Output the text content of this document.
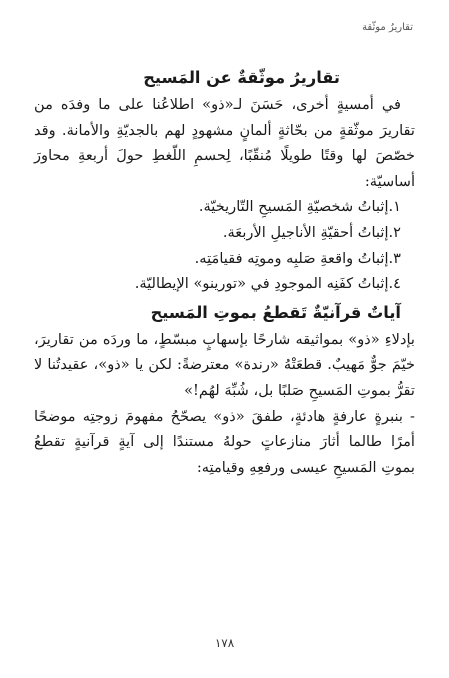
تقاريرُ موثّقة
تقاريرُ موثّقةٌ عن المَسيح

في أمسيةٍ أخرى، حَسَنَ لـ«ذو» اطلاعُنا على ما وفدَه من تقاريرَ موثّقةٍ من بحّاثةٍ ألمانٍ مشهودٍ لهم بالجديّةِ والأمانة. وقد خصّصَ لها وقتًا طويلًا مُنقّبًا، لِحسمِ اللّغطِ حولَ أربعةِ محاورَ أساسيّة:

١.إثباتُ شخصيّةِ المَسيحِ التّاريخيّة.
٢.إثباتُ أحقيّةِ الأناجيلِ الأربعَة.
٣.إثباتُ واقعةِ صَلبِه وموتِه فقيامَتِه.
٤.إثباتُ كفَنِه الموجودِ في «تورينو» الإيطاليّة.
آياتٌ قرآنيّةٌ تَقطعُ بموتِ المَسيح

بإدلاءِ «ذو» بمواثيقه شارحًا بإسهابٍ مبسّطٍ، ما وردَه من تقاريرَ، خيّمَ جوٌّ مَهيبٌ. قطعَتْهُ «رندة» معترضةً: لكن يا «ذو»، عقيدتُنا لا تقرُّ بموتِ المَسيحِ صَلبًا بل، شُبِّهَ لهُم!»

- بنبرةٍ عارفةٍ هادئةٍ، طفقَ «ذو» يصحّحُ مفهومَ زوجتِه موضحًا أمرًا طالما أثارَ منازعاتٍ حولهُ مستندًا إلى آيةٍ قرآنيةٍ تقطعُ بموتِ المَسيحِ عيسى ورفعِهِ وقيامتِه:

١٧٨
